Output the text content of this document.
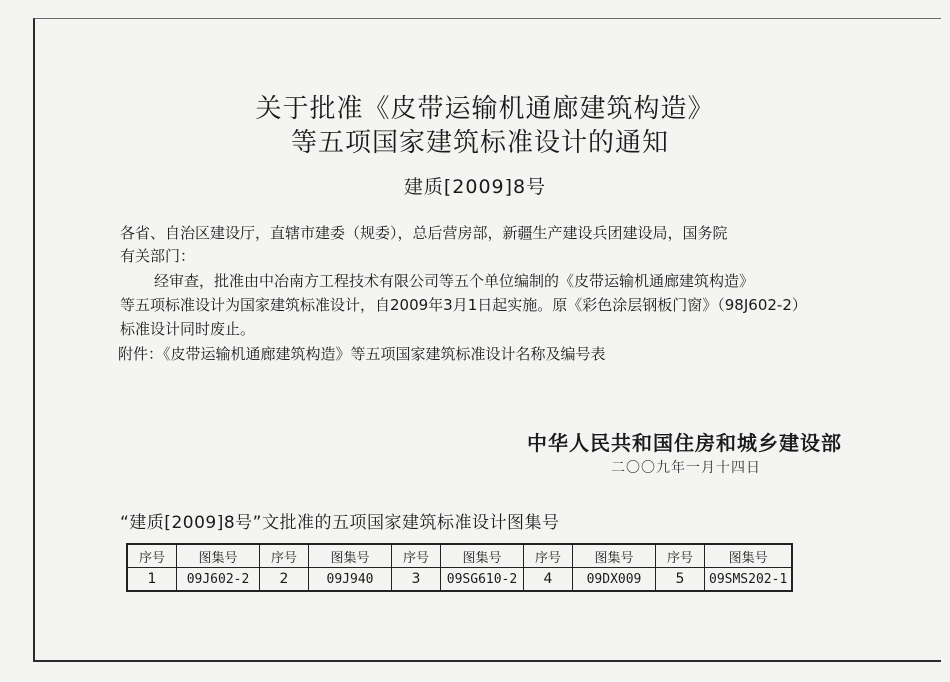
关于批准《皮带运输机通廊建筑构造》
等五项国家建筑标准设计的通知
建质[2009]8号
各省、自治区建设厅，直辖市建委（规委），总后营房部，新疆生产建设兵团建设局，国务院
有关部门：
经审查，批准由中冶南方工程技术有限公司等五个单位编制的《皮带运输机通廊建筑构造》
等五项标准设计为国家建筑标准设计，自2009年3月1日起实施。原《彩色涂层钢板门窗》（98J602-2）
标准设计同时废止。
附件：《皮带运输机通廊建筑构造》等五项国家建筑标准设计名称及编号表
中华人民共和国住房和城乡建设部
二〇〇九年一月十四日
“建质[2009]8号”文批准的五项国家建筑标准设计图集号
序号	图集号	序号	图集号	序号	图集号	序号	图集号	序号	图集号
1	09J602-2	2	09J940	3	09SG610-2	4	09DX009	5	09SMS202-1
